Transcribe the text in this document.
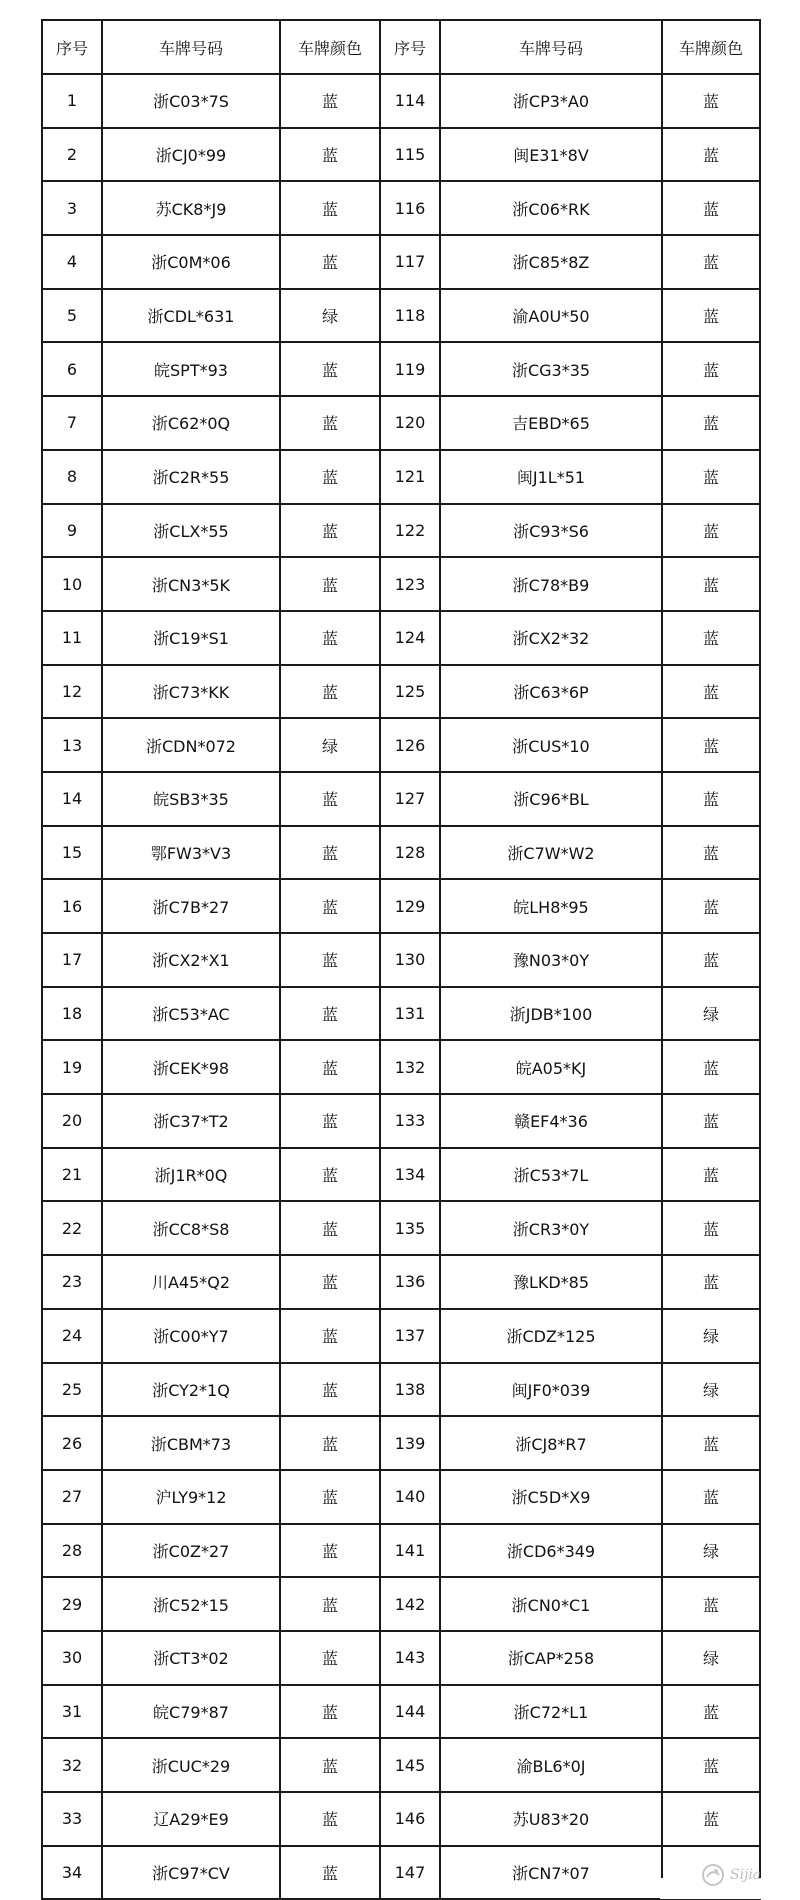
序号	车牌号码	车牌颜色	序号	车牌号码	车牌颜色
1	浙C03*7S	蓝	114	浙CP3*A0	蓝
2	浙CJ0*99	蓝	115	闽E31*8V	蓝
3	苏CK8*J9	蓝	116	浙C06*RK	蓝
4	浙C0M*06	蓝	117	浙C85*8Z	蓝
5	浙CDL*631	绿	118	渝A0U*50	蓝
6	皖SPT*93	蓝	119	浙CG3*35	蓝
7	浙C62*0Q	蓝	120	吉EBD*65	蓝
8	浙C2R*55	蓝	121	闽J1L*51	蓝
9	浙CLX*55	蓝	122	浙C93*S6	蓝
10	浙CN3*5K	蓝	123	浙C78*B9	蓝
11	浙C19*S1	蓝	124	浙CX2*32	蓝
12	浙C73*KK	蓝	125	浙C63*6P	蓝
13	浙CDN*072	绿	126	浙CUS*10	蓝
14	皖SB3*35	蓝	127	浙C96*BL	蓝
15	鄂FW3*V3	蓝	128	浙C7W*W2	蓝
16	浙C7B*27	蓝	129	皖LH8*95	蓝
17	浙CX2*X1	蓝	130	豫N03*0Y	蓝
18	浙C53*AC	蓝	131	浙JDB*100	绿
19	浙CEK*98	蓝	132	皖A05*KJ	蓝
20	浙C37*T2	蓝	133	赣EF4*36	蓝
21	浙J1R*0Q	蓝	134	浙C53*7L	蓝
22	浙CC8*S8	蓝	135	浙CR3*0Y	蓝
23	川A45*Q2	蓝	136	豫LKD*85	蓝
24	浙C00*Y7	蓝	137	浙CDZ*125	绿
25	浙CY2*1Q	蓝	138	闽JF0*039	绿
26	浙CBM*73	蓝	139	浙CJ8*R7	蓝
27	沪LY9*12	蓝	140	浙C5D*X9	蓝
28	浙C0Z*27	蓝	141	浙CD6*349	绿
29	浙C52*15	蓝	142	浙CN0*C1	蓝
30	浙CT3*02	蓝	143	浙CAP*258	绿
31	皖C79*87	蓝	144	浙C72*L1	蓝
32	浙CUC*29	蓝	145	渝BL6*0J	蓝
33	辽A29*E9	蓝	146	苏U83*20	蓝
34	浙C97*CV	蓝	147	浙CN7*07		Sijia
